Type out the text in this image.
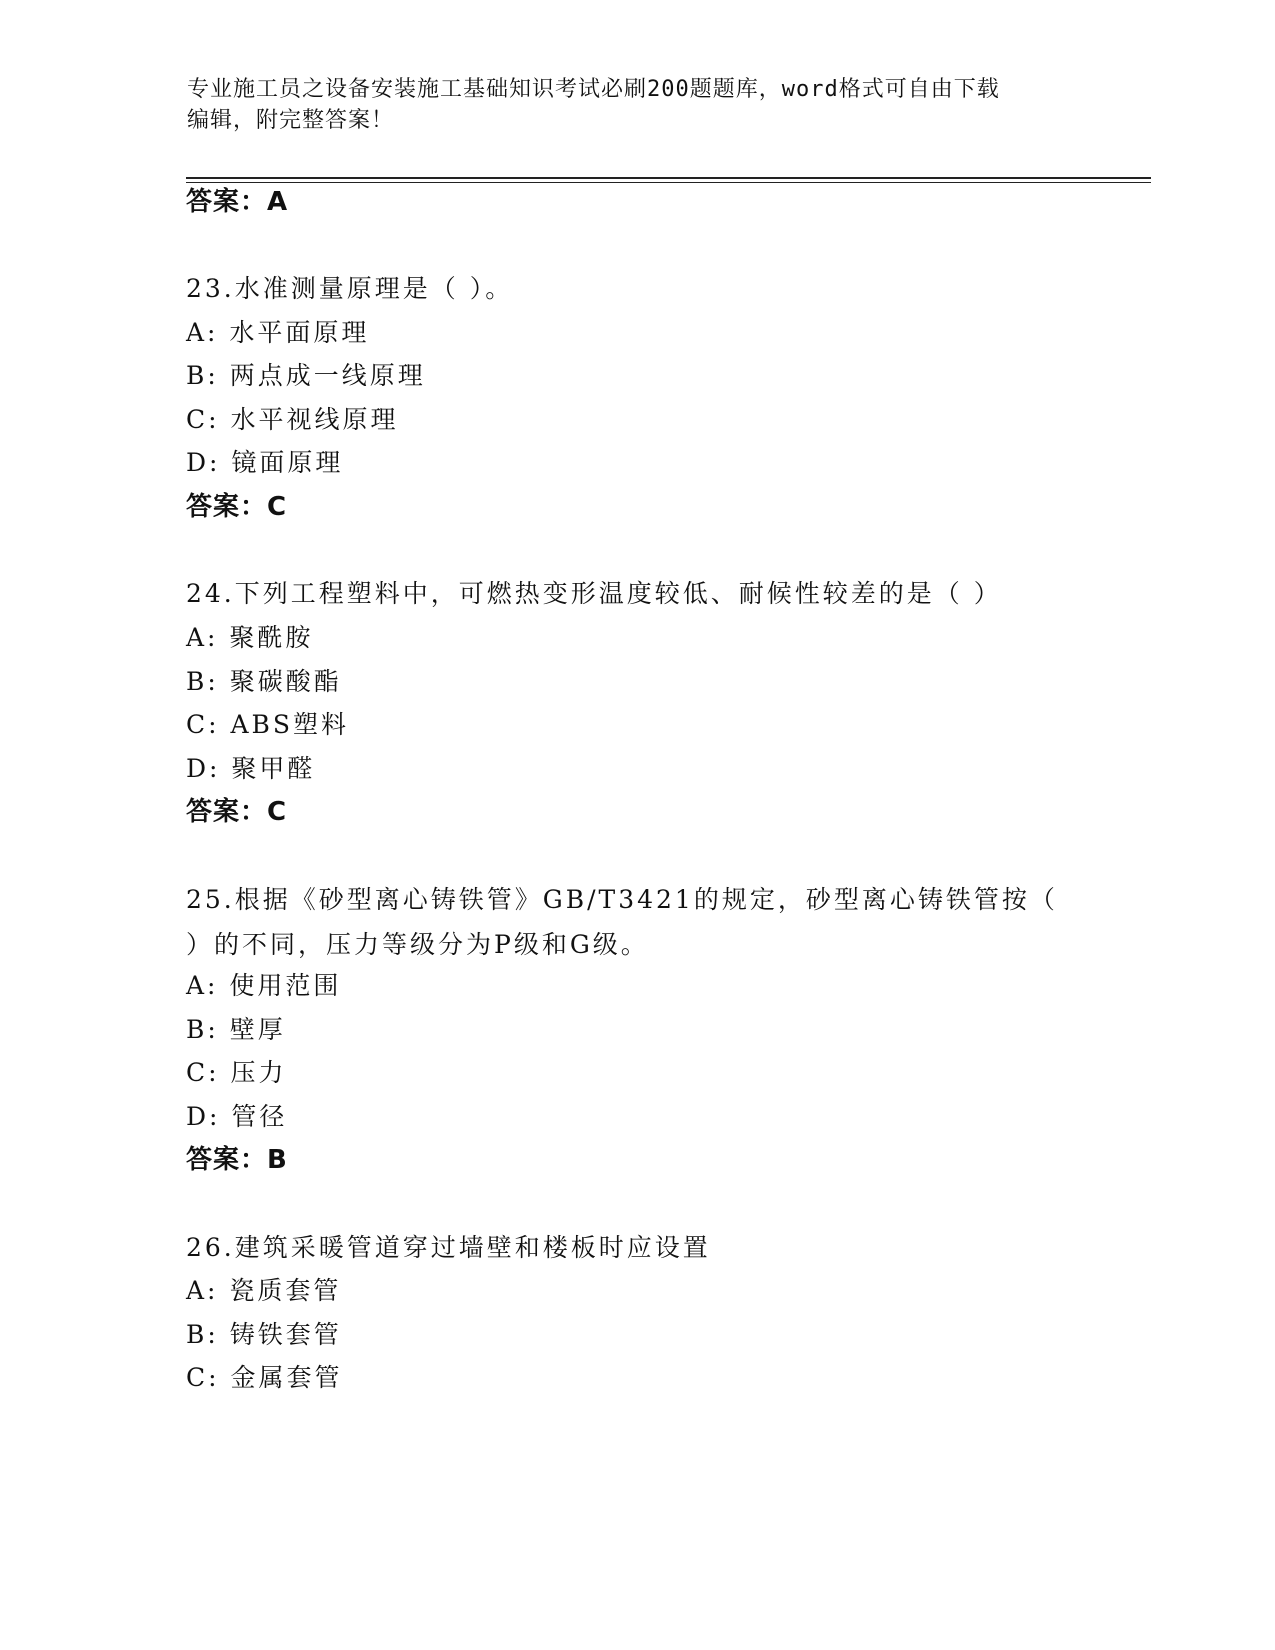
专业施工员之设备安装施工基础知识考试必刷200题题库，word格式可自由下载
编辑，附完整答案！
答案：A
23.水准测量原理是（ ）。
A: 水平面原理
B: 两点成一线原理
C: 水平视线原理
D: 镜面原理
答案：C
24.下列工程塑料中，可燃热变形温度较低、耐候性较差的是（ ）
A: 聚酰胺
B: 聚碳酸酯
C: ABS塑料
D: 聚甲醛
答案：C
25.根据《砂型离心铸铁管》GB/T3421的规定，砂型离心铸铁管按（ ）的不同，压力等级分为P级和G级。
A: 使用范围
B: 壁厚
C: 压力
D: 管径
答案：B
26.建筑采暖管道穿过墙壁和楼板时应设置
A: 瓷质套管
B: 铸铁套管
C: 金属套管
